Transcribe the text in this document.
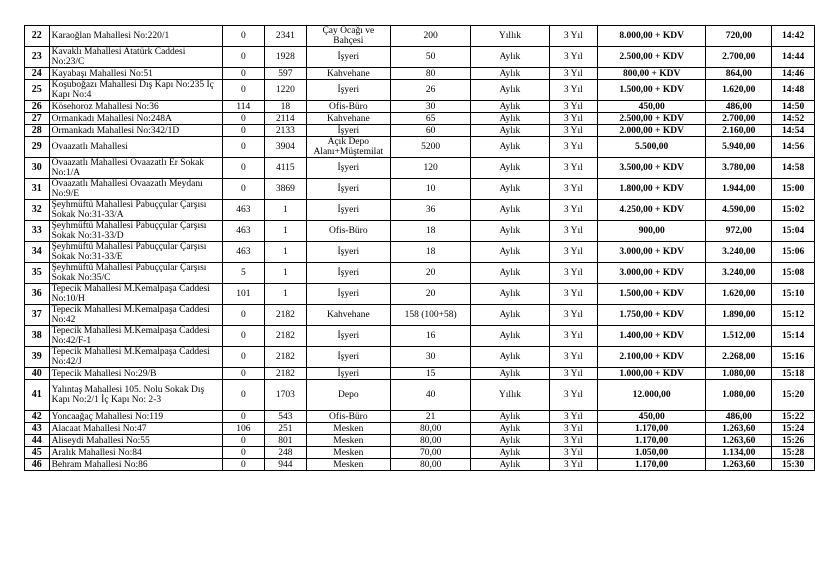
22	Karaoğlan Mahallesi No:220/1	0	2341	Çay Ocağı ve Bahçesi	200	Yıllık	3 Yıl	8.000,00 + KDV	720,00	14:42
23	Kavaklı Mahallesi Atatürk Caddesi No:23/C	0	1928	İşyeri	50	Aylık	3 Yıl	2.500,00 + KDV	2.700,00	14:44
24	Kayabaşı Mahallesi No:51	0	597	Kahvehane	80	Aylık	3 Yıl	800,00 + KDV	864,00	14:46
25	Koşuboğazı Mahallesi Dış Kapı No:235 İç Kapı No:4	0	1220	İşyeri	26	Aylık	3 Yıl	1.500,00 + KDV	1.620,00	14:48
26	Kösehoroz Mahallesi No:36	114	18	Ofis-Büro	30	Aylık	3 Yıl	450,00	486,00	14:50
27	Ormankadı Mahallesi No:248A	0	2114	Kahvehane	65	Aylık	3 Yıl	2.500,00 + KDV	2.700,00	14:52
28	Ormankadı Mahallesi No:342/1D	0	2133	İşyeri	60	Aylık	3 Yıl	2.000,00 + KDV	2.160,00	14:54
29	Ovaazatlı Mahallesi	0	3904	Açık Depo Alanı+Müştemilat	5200	Aylık	3 Yıl	5.500,00	5.940,00	14:56
30	Ovaazatlı Mahallesi Ovaazatlı Er Sokak No:1/A	0	4115	İşyeri	120	Aylık	3 Yıl	3.500,00 + KDV	3.780,00	14:58
31	Ovaazatlı Mahallesi Ovaazatlı Meydanı No:9/E	0	3869	İşyeri	10	Aylık	3 Yıl	1.800,00 + KDV	1.944,00	15:00
32	Şeyhmüftü Mahallesi Pabuççular Çarşısı Sokak No:31-33/A	463	1	İşyeri	36	Aylık	3 Yıl	4.250,00 + KDV	4.590,00	15:02
33	Şeyhmüftü Mahallesi Pabuççular Çarşısı Sokak No:31-33/D	463	1	Ofis-Büro	18	Aylık	3 Yıl	900,00	972,00	15:04
34	Şeyhmüftü Mahallesi Pabuççular Çarşısı Sokak No:31-33/E	463	1	İşyeri	18	Aylık	3 Yıl	3.000,00 + KDV	3.240,00	15:06
35	Şeyhmüftü Mahallesi Pabuççular Çarşısı Sokak No:35/C	5	1	İşyeri	20	Aylık	3 Yıl	3.000,00 + KDV	3.240,00	15:08
36	Tepecik Mahallesi M.Kemalpaşa Caddesi No:10/H	101	1	İşyeri	20	Aylık	3 Yıl	1.500,00 + KDV	1.620,00	15:10
37	Tepecik Mahallesi M.Kemalpaşa Caddesi No:42	0	2182	Kahvehane	158 (100+58)	Aylık	3 Yıl	1.750,00 + KDV	1.890,00	15:12
38	Tepecik Mahallesi M.Kemalpaşa Caddesi No:42/F-1	0	2182	İşyeri	16	Aylık	3 Yıl	1.400,00 + KDV	1.512,00	15:14
39	Tepecik Mahallesi M.Kemalpaşa Caddesi No:42/J	0	2182	İşyeri	30	Aylık	3 Yıl	2.100,00 + KDV	2.268,00	15:16
40	Tepecik Mahallesi No:29/B	0	2182	İşyeri	15	Aylık	3 Yıl	1.000,00 + KDV	1.080,00	15:18
41	Yalıntaş Mahallesi 105. Nolu Sokak Dış Kapı No:2/1 İç Kapı No: 2-3	0	1703	Depo	40	Yıllık	3 Yıl	12.000,00	1.080,00	15:20
42	Yoncaağaç Mahallesi No:119	0	543	Ofis-Büro	21	Aylık	3 Yıl	450,00	486,00	15:22
43	Alacaat Mahallesi No:47	106	251	Mesken	80,00	Aylık	3 Yıl	1.170,00	1.263,60	15:24
44	Aliseydi Mahallesi No:55	0	801	Mesken	80,00	Aylık	3 Yıl	1.170,00	1.263,60	15:26
45	Aralık Mahallesi No:84	0	248	Mesken	70,00	Aylık	3 Yıl	1.050,00	1.134,00	15:28
46	Behram Mahallesi No:86	0	944	Mesken	80,00	Aylık	3 Yıl	1.170,00	1.263,60	15:30
